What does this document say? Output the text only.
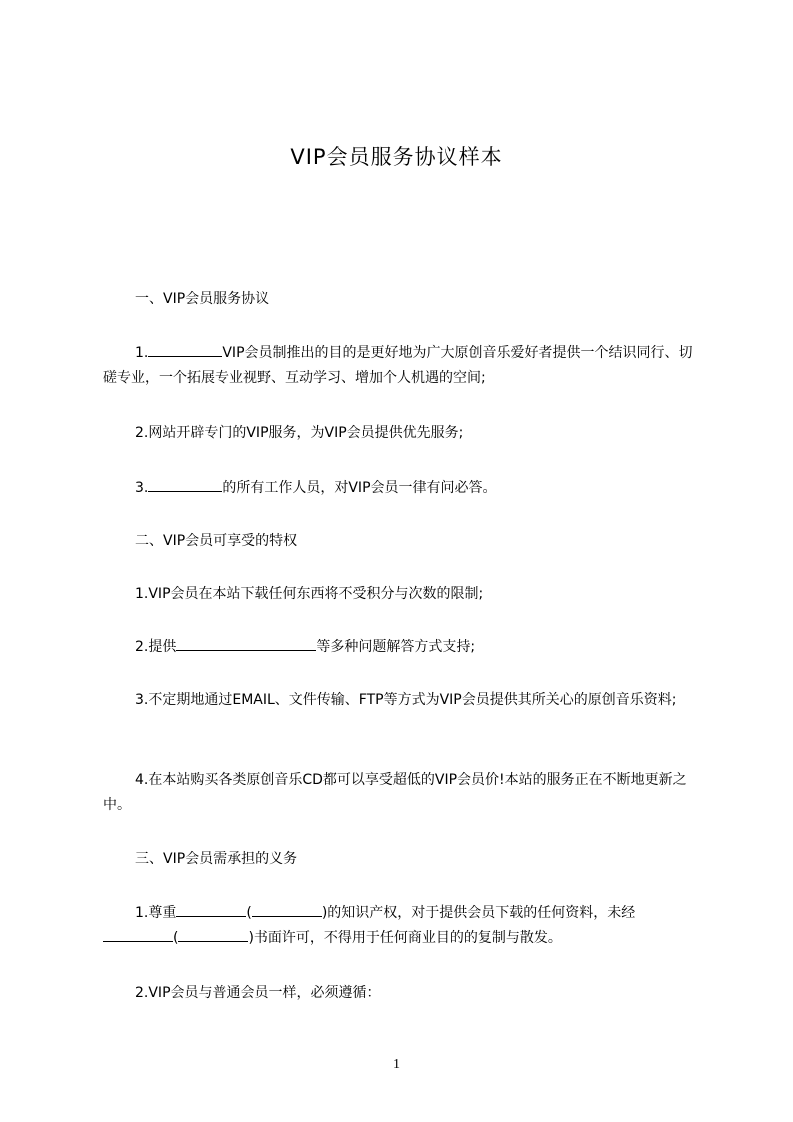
VIP会员服务协议样本
一、VIP会员服务协议
1.	VIP会员制推出的目的是更好地为广大原创音乐爱好者提供一个结识同行、切磋专业，一个拓展专业视野、互动学习、增加个人机遇的空间;
2.网站开辟专门的VIP服务，为VIP会员提供优先服务;
3.	的所有工作人员，对VIP会员一律有问必答。
二、VIP会员可享受的特权
1.VIP会员在本站下载任何东西将不受积分与次数的限制;
2.提供	等多种问题解答方式支持;
3.不定期地通过EMAIL、文件传输、FTP等方式为VIP会员提供其所关心的原创音乐资料;
4.在本站购买各类原创音乐CD都可以享受超低的VIP会员价!本站的服务正在不断地更新之中。
三、VIP会员需承担的义务
1.尊重	(	)的知识产权，对于提供会员下载的任何资料，未经(	)书面许可，不得用于任何商业目的的复制与散发。
2.VIP会员与普通会员一样，必须遵循：
1
